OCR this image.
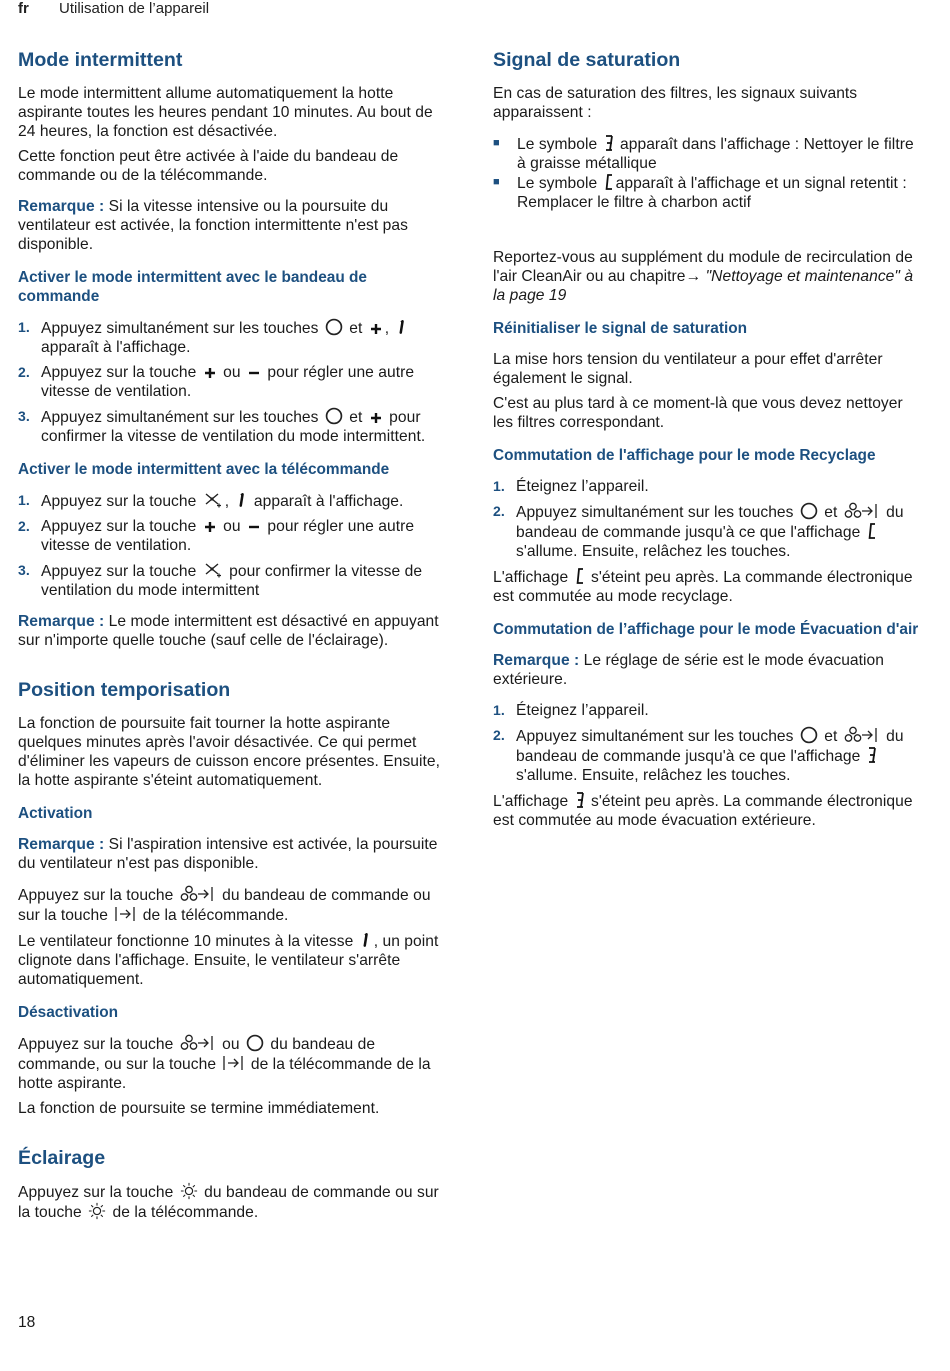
fr Utilisation de l’appareil
Mode intermittent

Le mode intermittent allume automatiquement la hotte aspirante toutes les heures pendant 10 minutes. Au bout de 24 heures, la fonction est désactivée.

Cette fonction peut être activée à l'aide du bandeau de commande ou de la télécommande.

Remarque : Si la vitesse intensive ou la poursuite du ventilateur est activée, la fonction intermittente n'est pas disponible.

Activer le mode intermittent avec le bandeau de commande
1. Appuyez simultanément sur les touches et ,  apparaît à l'affichage.
2. Appuyez sur la touche ou pour régler une autre vitesse de ventilation.
3. Appuyez simultanément sur les touches et pour confirmer la vitesse de ventilation du mode intermittent.
Activer le mode intermittent avec la télécommande
1. Appuyez sur la touche , apparaît à l'affichage.
2. Appuyez sur la touche ou pour régler une autre vitesse de ventilation.
3. Appuyez sur la touche pour confirmer la vitesse de ventilation du mode intermittent

Remarque : Le mode intermittent est désactivé en appuyant sur n'importe quelle touche (sauf celle de l'éclairage).

Position temporisation

La fonction de poursuite fait tourner la hotte aspirante quelques minutes après l'avoir désactivée. Ce qui permet d'éliminer les vapeurs de cuisson encore présentes. Ensuite, la hotte aspirante s'éteint automatiquement.

Activation

Remarque : Si l'aspiration intensive est activée, la poursuite du ventilateur n'est pas disponible.

Appuyez sur la touche	du bandeau de commande ou sur la touche de la télécommande.

Le ventilateur fonctionne 10 minutes à la vitesse , un point clignote dans l'affichage. Ensuite, le ventilateur s'arrête automatiquement.

Désactivation

Appuyez sur la touche	ou du bandeau de commande, ou sur la touche de la télécommande de la hotte aspirante.

La fonction de poursuite se termine immédiatement.

Éclairage

Appuyez sur la touche du bandeau de commande ou sur la touche de la télécommande.

Signal de saturation

En cas de saturation des filtres, les signaux suivants apparaissent :

■	Le symbole apparaît dans l'affichage : Nettoyer le filtre à graisse métallique
■	Le symbole apparaît à l'affichage et un signal retentit : Remplacer le filtre à charbon actif

Reportez-vous au supplément du module de recirculation de l'air CleanAir ou au chapitre→ "Nettoyage et maintenance" à la page 19

Réinitialiser le signal de saturation

La mise hors tension du ventilateur a pour effet d'arrêter également le signal.

C'est au plus tard à ce moment-là que vous devez nettoyer les filtres correspondant.

Commutation de l'affichage pour le mode Recyclage
1. Éteignez l’appareil.
2. Appuyez simultanément sur les touches et	du bandeau de commande jusqu'à ce que l'affichage  s'allume. Ensuite, relâchez les touches.

L'affichage s'éteint peu après. La commande électronique est commutée au mode recyclage.

Commutation de l’affichage pour le mode Évacuation d'air

Remarque : Le réglage de série est le mode évacuation extérieure.

1. Éteignez l’appareil.
2. Appuyez simultanément sur les touches et	du bandeau de commande jusqu'à ce que l'affichage  s'allume. Ensuite, relâchez les touches.

L'affichage s'éteint peu après. La commande électronique est commutée au mode évacuation extérieure.

18
